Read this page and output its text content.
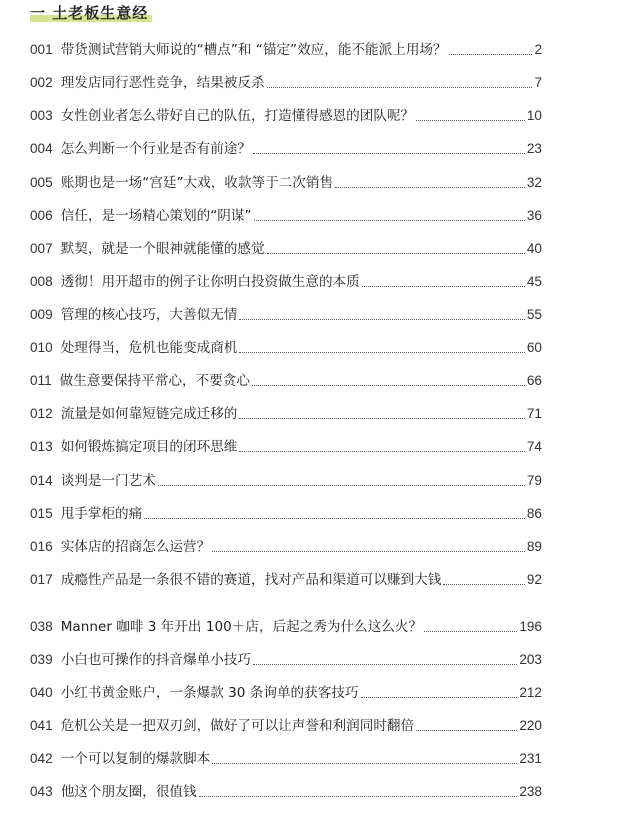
一 土老板生意经
001 带货测试营销大师说的“槽点”和 “锚定”效应，能不能派上用场？	2
002 理发店同行恶性竞争，结果被反杀	7
003 女性创业者怎么带好自己的队伍，打造懂得感恩的团队呢？	10
004 怎么判断一个行业是否有前途？	23
005 账期也是一场“宫廷”大戏，收款等于二次销售	32
006 信任，是一场精心策划的“阴谋”	36
007 默契，就是一个眼神就能懂的感觉	40
008 透彻！用开超市的例子让你明白投资做生意的本质	45
009 管理的核心技巧，大善似无情	55
010 处理得当，危机也能变成商机	60
011 做生意要保持平常心，不要贪心	66
012 流量是如何靠短链完成迁移的	71
013 如何锻炼搞定项目的闭环思维	74
014 谈判是一门艺术	79
015 甩手掌柜的痛	86
016 实体店的招商怎么运营？	89
017 成瘾性产品是一条很不错的赛道，找对产品和渠道可以赚到大钱	92
038 Manner 咖啡 3 年开出 100＋店，后起之秀为什么这么火？	196
039 小白也可操作的抖音爆单小技巧	203
040 小红书黄金账户，一条爆款 30 条询单的获客技巧	212
041 危机公关是一把双刃剑，做好了可以让声誉和利润同时翻倍	220
042 一个可以复制的爆款脚本	231
043 他这个朋友圈，很值钱	238
